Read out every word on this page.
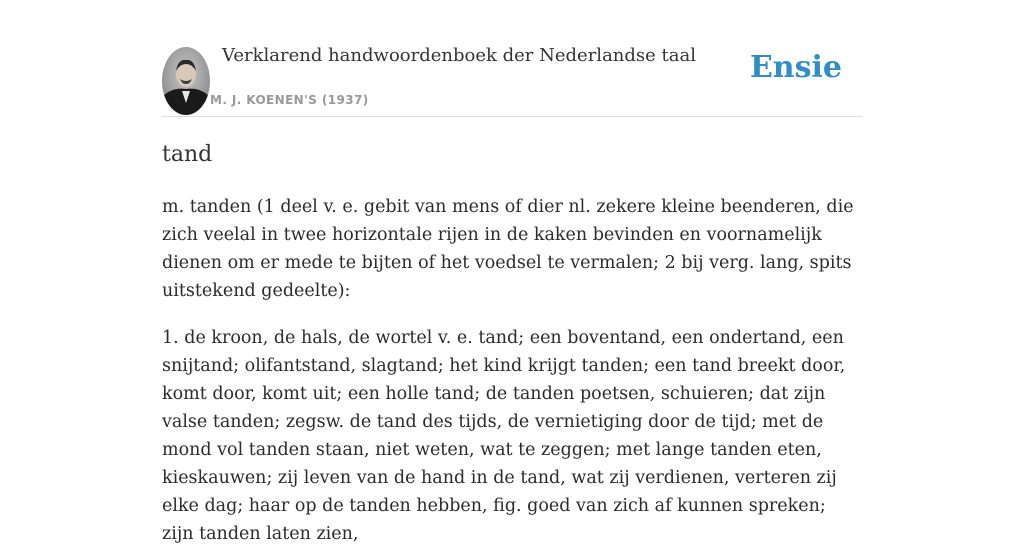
Verklarend handwoordenboek der Nederlandse taal
M. J. KOENEN'S (1937)
Ensie
tand

m. tanden (1 deel v. e. gebit van mens of dier nl. zekere kleine beenderen, die zich veelal in twee horizontale rijen in de kaken bevinden en voornamelijk dienen om er mede te bijten of het voedsel te vermalen; 2 bij verg. lang, spits uitstekend gedeelte):

1. de kroon, de hals, de wortel v. e. tand; een boventand, een ondertand, een snijtand; olifantstand, slagtand; het kind krijgt tanden; een tand breekt door, komt door, komt uit; een holle tand; de tanden poetsen, schuieren; dat zijn valse tanden; zegsw. de tand des tijds, de vernietiging door de tijd; met de mond vol tanden staan, niet weten, wat te zeggen; met lange tanden eten, kieskauwen; zij leven van de hand in de tand, wat zij verdienen, verteren zij elke dag; haar op de tanden hebben, fig. goed van zich af kunnen spreken; zijn tanden laten zien,
